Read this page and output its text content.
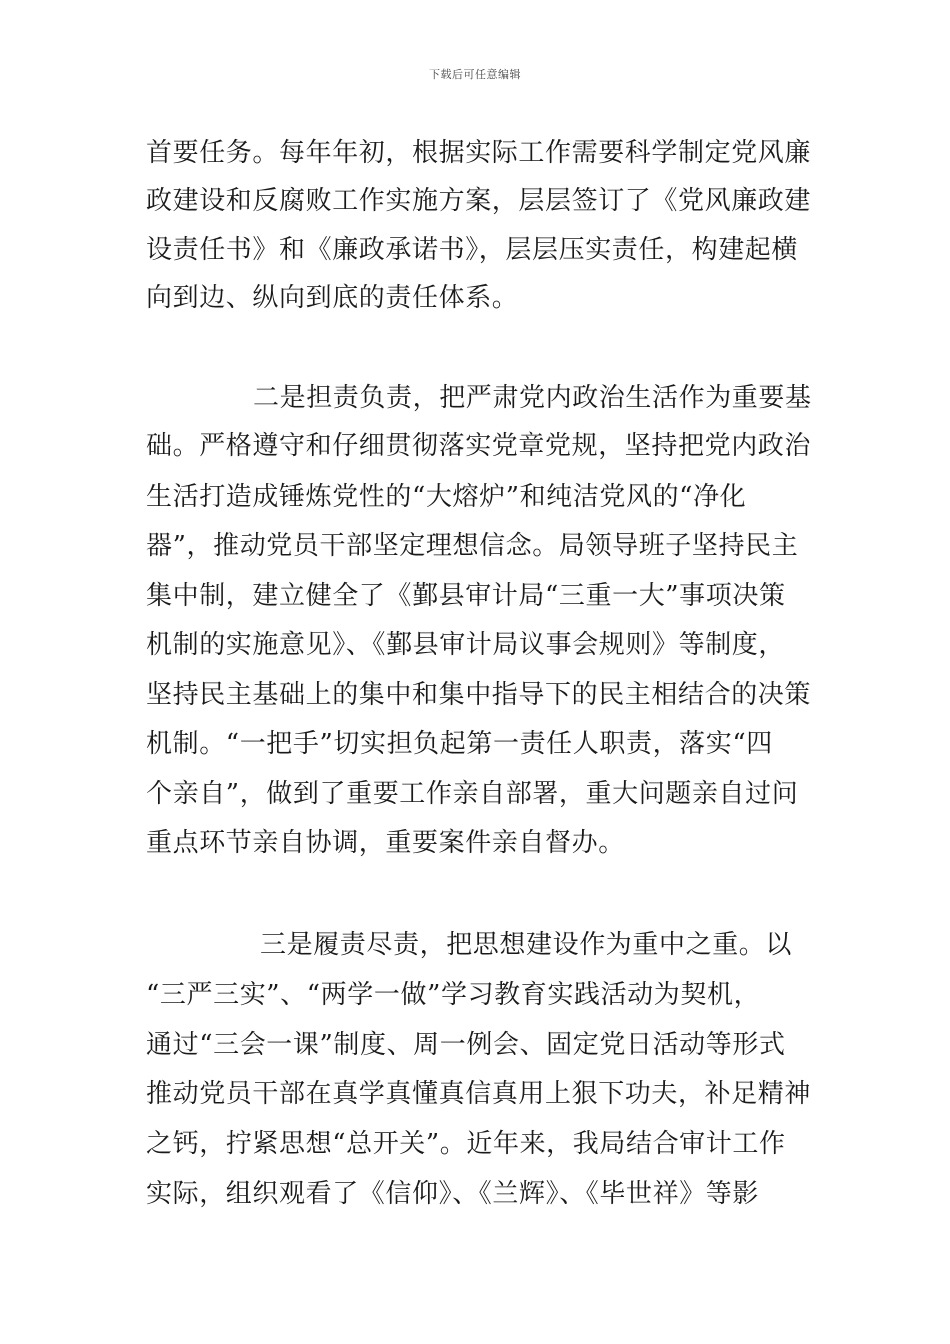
下载后可任意编辑
首要任务。每年年初，根据实际工作需要科学制定党风廉
政建设和反腐败工作实施方案，层层签订了《党风廉政建
设责任书》和《廉政承诺书》，层层压实责任，构建起横
向到边、纵向到底的责任体系。
二是担责负责，把严肃党内政治生活作为重要基
础。严格遵守和仔细贯彻落实党章党规，坚持把党内政治
生活打造成锤炼党性的“大熔炉”和纯洁党风的“净化
器”，推动党员干部坚定理想信念。局领导班子坚持民主
集中制，建立健全了《鄞县审计局“三重一大”事项决策
机制的实施意见》、《鄞县审计局议事会规则》等制度，
坚持民主基础上的集中和集中指导下的民主相结合的决策
机制。“一把手”切实担负起第一责任人职责，落实“四
个亲自”，做到了重要工作亲自部署，重大问题亲自过问
重点环节亲自协调，重要案件亲自督办。
三是履责尽责，把思想建设作为重中之重。以
“三严三实”、“两学一做”学习教育实践活动为契机，
通过“三会一课”制度、周一例会、固定党日活动等形式
推动党员干部在真学真懂真信真用上狠下功夫，补足精神
之钙，拧紧思想“总开关”。近年来，我局结合审计工作
实际，组织观看了《信仰》、《兰辉》、《毕世祥》等影
